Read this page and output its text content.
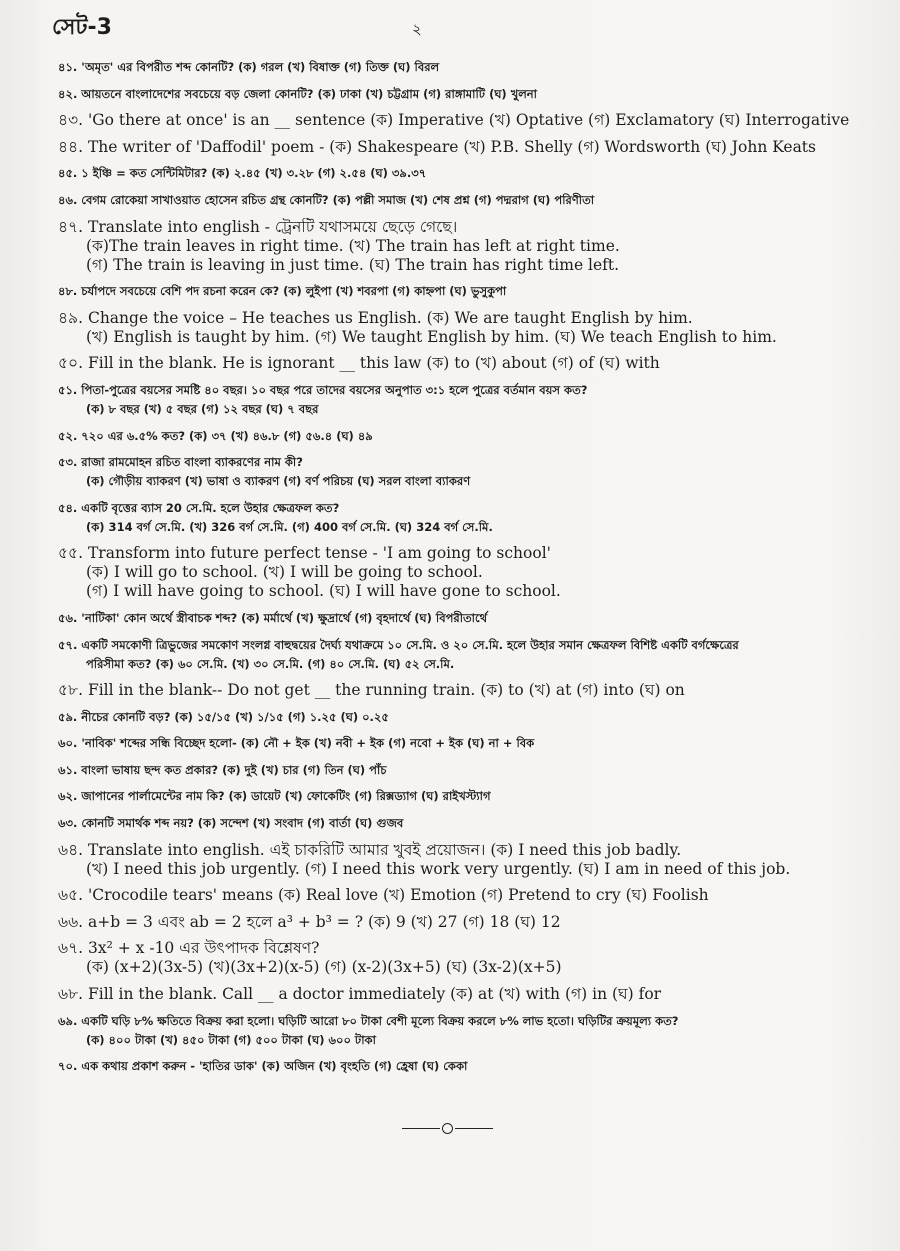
সেট-3	২
৪১. 'অমৃত' এর বিপরীত শব্দ কোনটি? (ক) গরল (খ) বিষাক্ত (গ) তিক্ত (ঘ) বিরল
৪২. আয়তনে বাংলাদেশের সবচেয়ে বড় জেলা কোনটি? (ক) ঢাকা (খ) চট্টগ্রাম (গ) রাঙ্গামাটি (ঘ) খুলনা
৪৩. 'Go there at once' is an __ sentence (ক) Imperative (খ) Optative (গ) Exclamatory (ঘ) Interrogative
৪৪. The writer of 'Daffodil' poem - (ক) Shakespeare (খ) P.B. Shelly (গ) Wordsworth (ঘ) John Keats
৪৫. ১ ইঞ্চি = কত সেন্টিমিটার? (ক) ২.৪৫ (খ) ৩.২৮ (গ) ২.৫৪ (ঘ) ৩৯.৩৭
৪৬. বেগম রোকেয়া সাখাওয়াত হোসেন রচিত গ্রন্থ কোনটি? (ক) পল্লী সমাজ (খ) শেষ প্রশ্ন (গ) পদ্মরাগ (ঘ) পরিণীতা
৪৭. Translate into english - ট্রেনটি যথাসময়ে ছেড়ে গেছে।
(ক)The train leaves in right time. (খ) The train has left at right time.
(গ) The train is leaving in just time. (ঘ) The train has right time left.
৪৮. চর্যাপদে সবচেয়ে বেশি পদ রচনা করেন কে? (ক) লুইপা (খ) শবরপা (গ) কাহ্নপা (ঘ) ভুসুকুপা
৪৯. Change the voice – He teaches us English. (ক) We are taught English by him.
(খ) English is taught by him. (গ) We taught English by him. (ঘ) We teach English to him.
৫০. Fill in the blank. He is ignorant __ this law (ক) to (খ) about (গ) of (ঘ) with
৫১. পিতা-পুত্রের বয়সের সমষ্টি ৪০ বছর। ১০ বছর পরে তাদের বয়সের অনুপাত ৩:১ হলে পুত্রের বর্তমান বয়স কত?
(ক) ৮ বছর (খ) ৫ বছর (গ) ১২ বছর (ঘ) ৭ বছর
৫২. ৭২০ এর ৬.৫% কত? (ক) ৩৭ (খ) ৪৬.৮ (গ) ৫৬.৪ (ঘ) ৪৯
৫৩. রাজা রামমোহন রচিত বাংলা ব্যাকরণের নাম কী?
(ক) গৌড়ীয় ব্যাকরণ (খ) ভাষা ও ব্যাকরণ (গ) বর্ণ পরিচয় (ঘ) সরল বাংলা ব্যাকরণ
৫৪. একটি বৃত্তের ব্যাস 20 সে.মি. হলে উহার ক্ষেত্রফল কত?
(ক) 314 বর্গ সে.মি. (খ) 326 বর্গ সে.মি. (গ) 400 বর্গ সে.মি. (ঘ) 324 বর্গ সে.মি.
৫৫. Transform into future perfect tense - 'I am going to school'
(ক) I will go to school. (খ) I will be going to school.
(গ) I will have going to school. (ঘ) I will have gone to school.
৫৬. 'নাটিকা' কোন অর্থে স্ত্রীবাচক শব্দ? (ক) মর্মার্থে (খ) ক্ষুদ্রার্থে (গ) বৃহদার্থে (ঘ) বিপরীতার্থে
৫৭. একটি সমকোণী ত্রিভুজের সমকোণ সংলগ্ন বাহুদ্বয়ের দৈর্ঘ্য যথাক্রমে ১০ সে.মি. ও ২০ সে.মি. হলে উহার সমান ক্ষেত্রফল বিশিষ্ট একটি বর্গক্ষেত্রের
পরিসীমা কত? (ক) ৬০ সে.মি. (খ) ৩০ সে.মি. (গ) ৪০ সে.মি. (ঘ) ৫২ সে.মি.
৫৮. Fill in the blank-- Do not get __ the running train. (ক) to (খ) at (গ) into (ঘ) on
৫৯. নীচের কোনটি বড়? (ক) ১৫/১৫ (খ) ১/১৫ (গ) ১.২৫ (ঘ) ০.২৫
৬০. 'নাবিক' শব্দের সন্ধি বিচ্ছেদ হলো- (ক) নৌ + ইক (খ) নবী + ইক (গ) নবো + ইক (ঘ) না + বিক
৬১. বাংলা ভাষায় ছন্দ কত প্রকার? (ক) দুই (খ) চার (গ) তিন (ঘ) পাঁচ
৬২. জাপানের পার্লামেন্টের নাম কি? (ক) ডায়েট (খ) ফোকেটিং (গ) রিক্সড্যাগ (ঘ) রাইখস্ট্যাগ
৬৩. কোনটি সমার্থক শব্দ নয়? (ক) সন্দেশ (খ) সংবাদ (গ) বার্তা (ঘ) গুজব
৬৪. Translate into english. এই চাকরিটি আমার খুবই প্রয়োজন। (ক) I need this job badly.
(খ) I need this job urgently. (গ) I need this work very urgently. (ঘ) I am in need of this job.
৬৫. 'Crocodile tears' means (ক) Real love (খ) Emotion (গ) Pretend to cry (ঘ) Foolish
৬৬. a+b = 3 এবং ab = 2 হলে a³ + b³ = ? (ক) 9 (খ) 27 (গ) 18 (ঘ) 12
৬৭. 3x² + x -10 এর উৎপাদক বিশ্লেষণ?
(ক) (x+2)(3x-5) (খ)(3x+2)(x-5) (গ) (x-2)(3x+5) (ঘ) (3x-2)(x+5)
৬৮. Fill in the blank. Call __ a doctor immediately (ক) at (খ) with (গ) in (ঘ) for
৬৯. একটি ঘড়ি ৮% ক্ষতিতে বিক্রয় করা হলো। ঘড়িটি আরো ৮০ টাকা বেশী মূল্যে বিক্রয় করলে ৮% লাভ হতো। ঘড়িটির ক্রয়মূল্য কত?
(ক) ৪০০ টাকা (খ) ৪৫০ টাকা (গ) ৫০০ টাকা (ঘ) ৬০০ টাকা
৭০. এক কথায় প্রকাশ করুন - 'হাতির ডাক' (ক) অজিন (খ) বৃংহতি (গ) হ্রেষা (ঘ) কেকা
